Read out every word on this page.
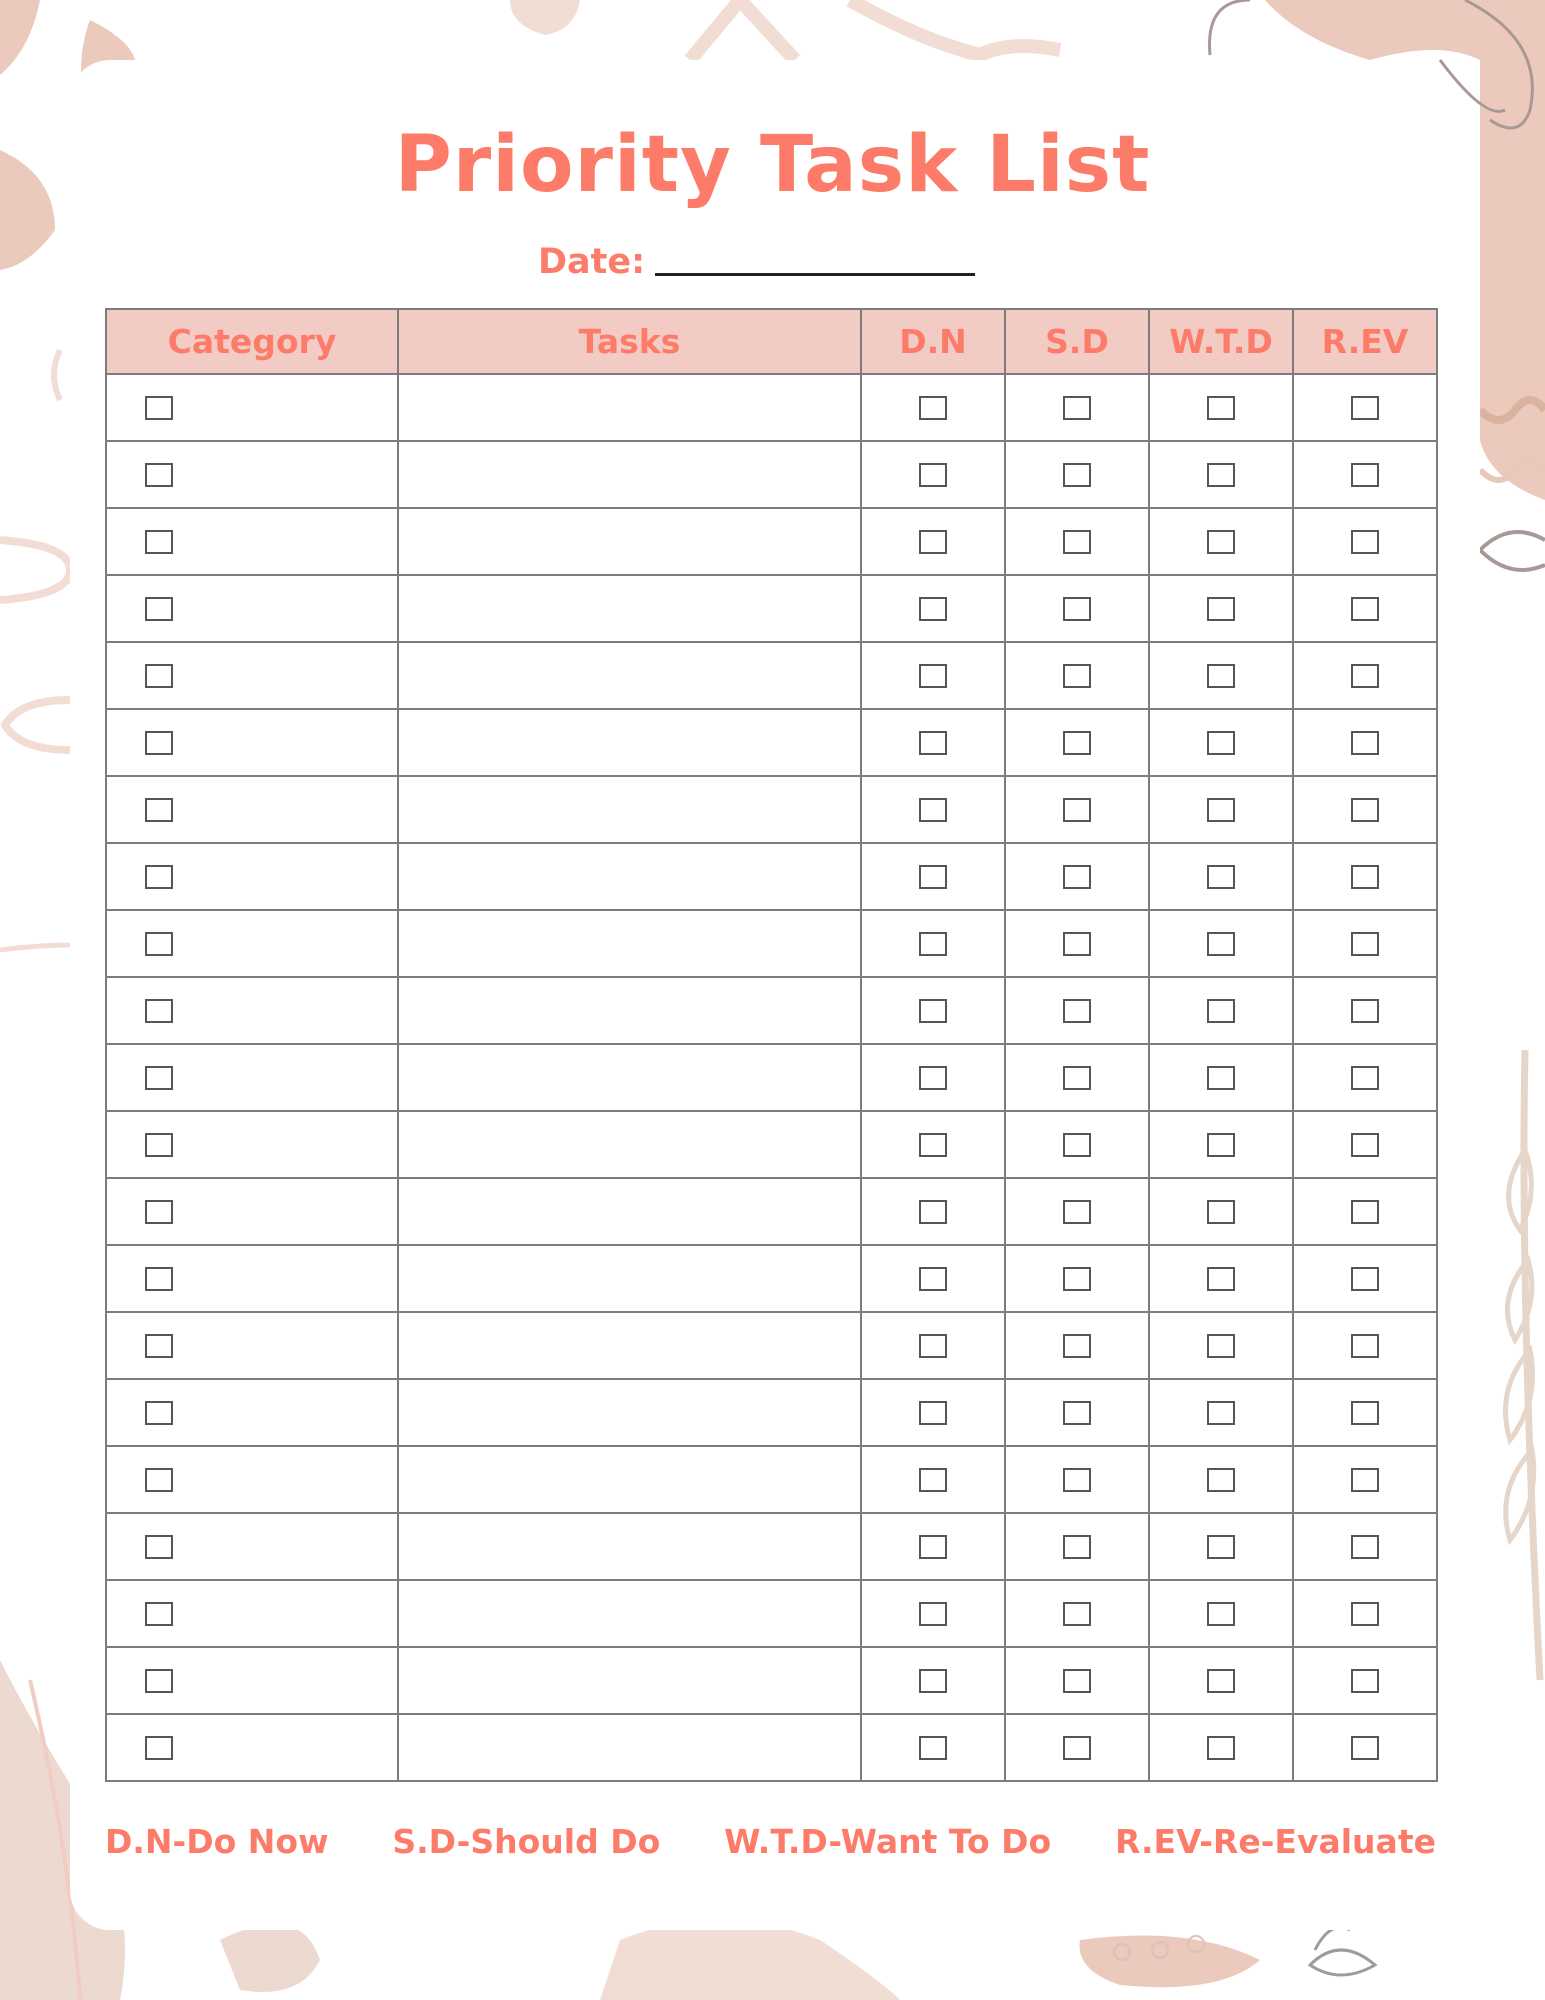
Priority Task List
Date:
Category	Tasks	D.N	S.D	W.T.D	R.EV

D.N-Do Now S.D-Should Do W.T.D-Want To Do R.EV-Re-Evaluate
